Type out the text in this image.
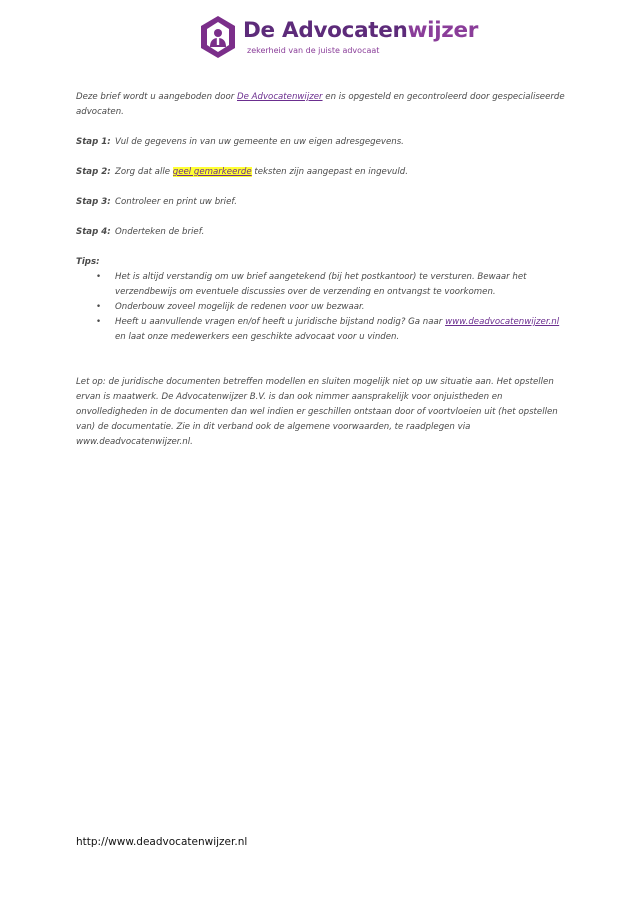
De Advocatenwijzer
zekerheid van de juiste advocaat

Deze brief wordt u aangeboden door De Advocatenwijzer en is opgesteld en gecontroleerd door gespecialiseerde advocaten.

Stap 1: Vul de gegevens in van uw gemeente en uw eigen adresgegevens.
Stap 2: Zorg dat alle geel gemarkeerde teksten zijn aangepast en ingevuld.
Stap 3: Controleer en print uw brief.
Stap 4: Onderteken de brief.
Tips:
• Het is altijd verstandig om uw brief aangetekend (bij het postkantoor) te versturen. Bewaar het verzendbewijs om eventuele discussies over de verzending en ontvangst te voorkomen.
• Onderbouw zoveel mogelijk de redenen voor uw bezwaar.
• Heeft u aanvullende vragen en/of heeft u juridische bijstand nodig? Ga naar www.deadvocatenwijzer.nl en laat onze medewerkers een geschikte advocaat voor u vinden.

Let op: de juridische documenten betreffen modellen en sluiten mogelijk niet op uw situatie aan. Het opstellen ervan is maatwerk. De Advocatenwijzer B.V. is dan ook nimmer aansprakelijk voor onjuistheden en onvolledigheden in de documenten dan wel indien er geschillen ontstaan door of voortvloeien uit (het opstellen van) de documentatie. Zie in dit verband ook de algemene voorwaarden, te raadplegen via www.deadvocatenwijzer.nl.

http://www.deadvocatenwijzer.nl
